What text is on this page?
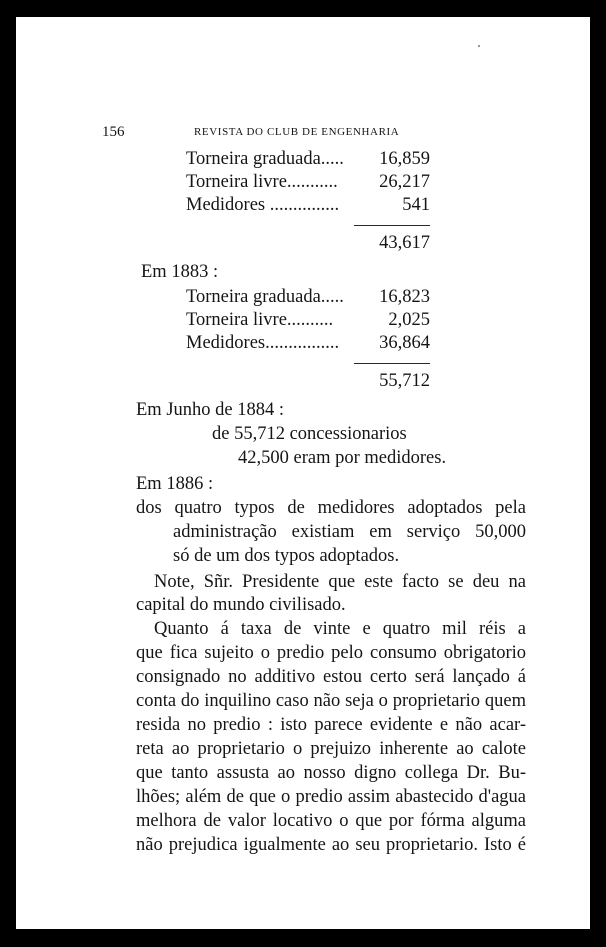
156	REVISTA DO CLUB DE ENGENHARIA
Torneira graduada..... 16,859
Torneira livre........... 26,217
Medidores ...............	541
43,617
Em 1883 :
Torneira graduada..... 16,823
Torneira livre..........	2,025
Medidores................ 36,864
55,712
Em Junho de 1884 :
de 55,712 concessionarios
42,500 eram por medidores.
Em 1886 :
dos quatro typos de medidores adoptados pela
administração existiam em serviço 50,000
só de um dos typos adoptados.
Note, Sñr. Presidente que este facto se deu na
capital do mundo civilisado.
Quanto á taxa de vinte e quatro mil réis a
que fica sujeito o predio pelo consumo obrigatorio
consignado no additivo estou certo será lançado á
conta do inquilino caso não seja o proprietario quem
resida no predio : isto parece evidente e não acar-
reta ao proprietario o prejuizo inherente ao calote
que tanto assusta ao nosso digno collega Dr. Bu-
lhões; além de que o predio assim abastecido d'agua
melhora de valor locativo o que por fórma alguma
não prejudica igualmente ao seu proprietario. Isto é
